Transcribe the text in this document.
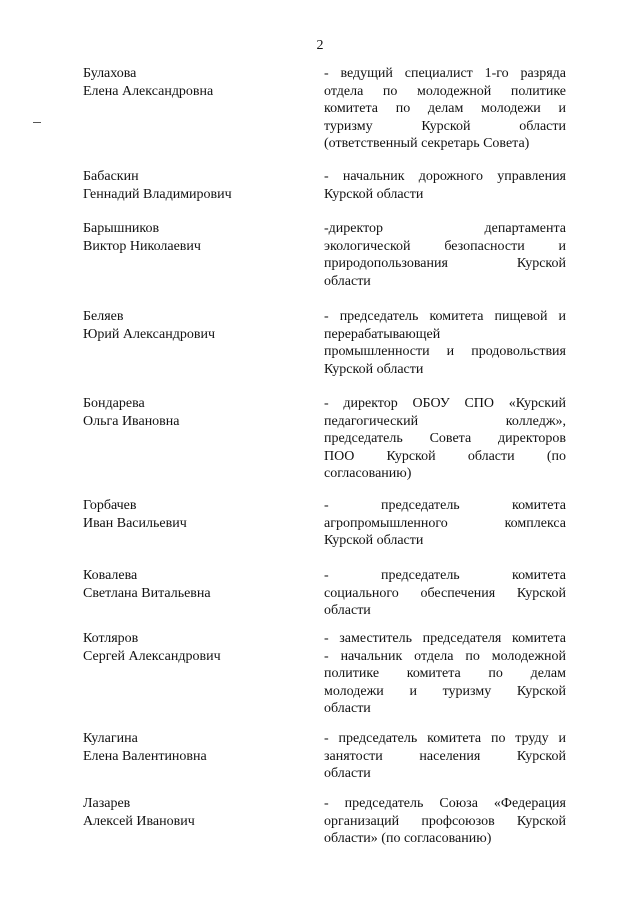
2
Булахова
Елена Александровна
- ведущий специалист 1-го разряда
отдела по молодежной политике
комитета по делам молодежи и
туризму Курской области
(ответственный секретарь Совета)
Бабаскин
Геннадий Владимирович
- начальник дорожного управления
Курской области
Барышников
Виктор Николаевич
-директор департамента
экологической безопасности и
природопользования Курской
области
Беляев
Юрий Александрович
- председатель комитета пищевой и
перерабатывающей
промышленности и продовольствия
Курской области
Бондарева
Ольга Ивановна
- директор ОБОУ СПО «Курский
педагогический колледж»,
председатель Совета директоров
ПОО Курской области (по
согласованию)
Горбачев
Иван Васильевич
- председатель комитета
агропромышленного комплекса
Курской области
Ковалева
Светлана Витальевна
- председатель комитета
социального обеспечения Курской
области
Котляров
Сергей Александрович
- заместитель председателя комитета
- начальник отдела по молодежной
политике комитета по делам
молодежи и туризму Курской
области
Кулагина
Елена Валентиновна
- председатель комитета по труду и
занятости населения Курской
области
Лазарев
Алексей Иванович
- председатель Союза «Федерация
организаций профсоюзов Курской
области» (по согласованию)
